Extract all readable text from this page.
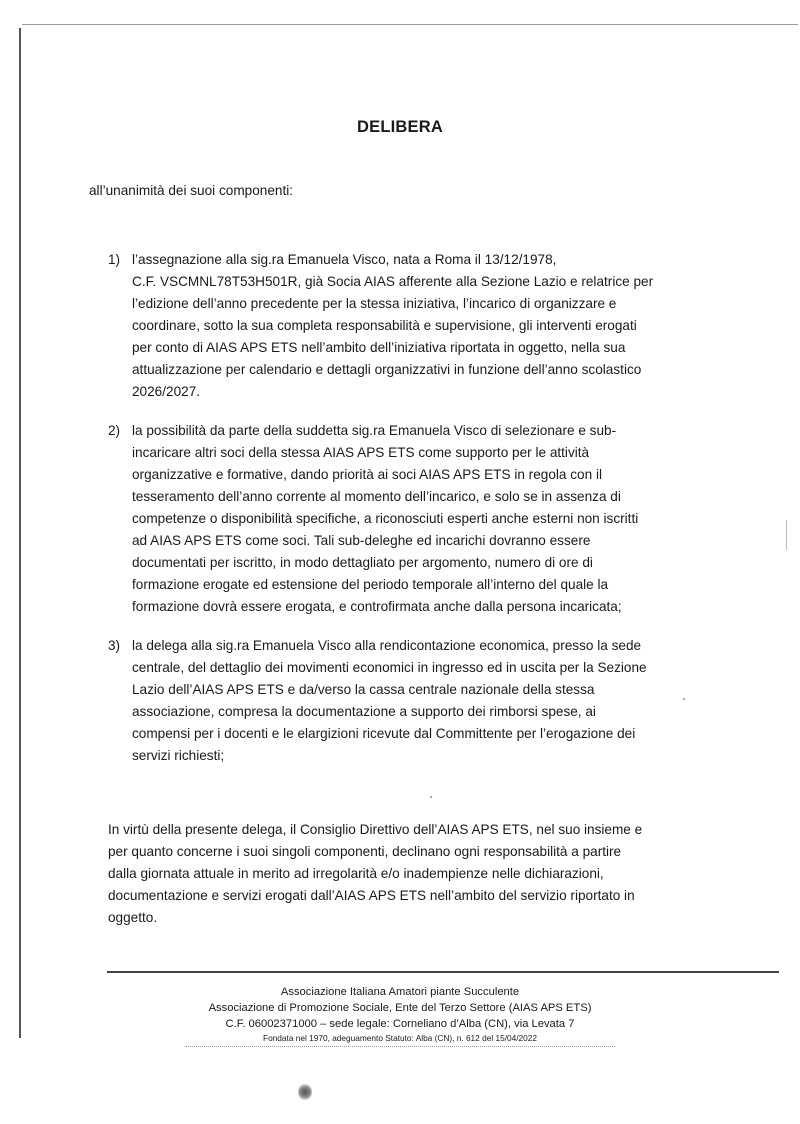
DELIBERA
all’unanimità dei suoi componenti:
1) l’assegnazione alla sig.ra Emanuela Visco, nata a Roma il 13/12/1978,
C.F. VSCMNL78T53H501R, già Socia AIAS afferente alla Sezione Lazio e relatrice per
l’edizione dell’anno precedente per la stessa iniziativa, l’incarico di organizzare e
coordinare, sotto la sua completa responsabilità e supervisione, gli interventi erogati
per conto di AIAS APS ETS nell’ambito dell’iniziativa riportata in oggetto, nella sua
attualizzazione per calendario e dettagli organizzativi in funzione dell’anno scolastico
2026/2027.
2) la possibilità da parte della suddetta sig.ra Emanuela Visco di selezionare e sub-
incaricare altri soci della stessa AIAS APS ETS come supporto per le attività
organizzative e formative, dando priorità ai soci AIAS APS ETS in regola con il
tesseramento dell’anno corrente al momento dell’incarico, e solo se in assenza di
competenze o disponibilità specifiche, a riconosciuti esperti anche esterni non iscritti
ad AIAS APS ETS come soci. Tali sub-deleghe ed incarichi dovranno essere
documentati per iscritto, in modo dettagliato per argomento, numero di ore di
formazione erogate ed estensione del periodo temporale all’interno del quale la
formazione dovrà essere erogata, e controfirmata anche dalla persona incaricata;
3) la delega alla sig.ra Emanuela Visco alla rendicontazione economica, presso la sede
centrale, del dettaglio dei movimenti economici in ingresso ed in uscita per la Sezione
Lazio dell’AIAS APS ETS e da/verso la cassa centrale nazionale della stessa
associazione, compresa la documentazione a supporto dei rimborsi spese, ai
compensi per i docenti e le elargizioni ricevute dal Committente per l’erogazione dei
servizi richiesti;
In virtù della presente delega, il Consiglio Direttivo dell’AIAS APS ETS, nel suo insieme e
per quanto concerne i suoi singoli componenti, declinano ogni responsabilità a partire
dalla giornata attuale in merito ad irregolarità e/o inadempienze nelle dichiarazioni,
documentazione e servizi erogati dall’AIAS APS ETS nell’ambito del servizio riportato in
oggetto.
Associazione Italiana Amatori piante Succulente
Associazione di Promozione Sociale, Ente del Terzo Settore (AIAS APS ETS)
C.F. 06002371000 – sede legale: Corneliano d’Alba (CN), via Levata 7
Fondata nel 1970, adeguamento Statuto: Alba (CN), n. 612 del 15/04/2022
